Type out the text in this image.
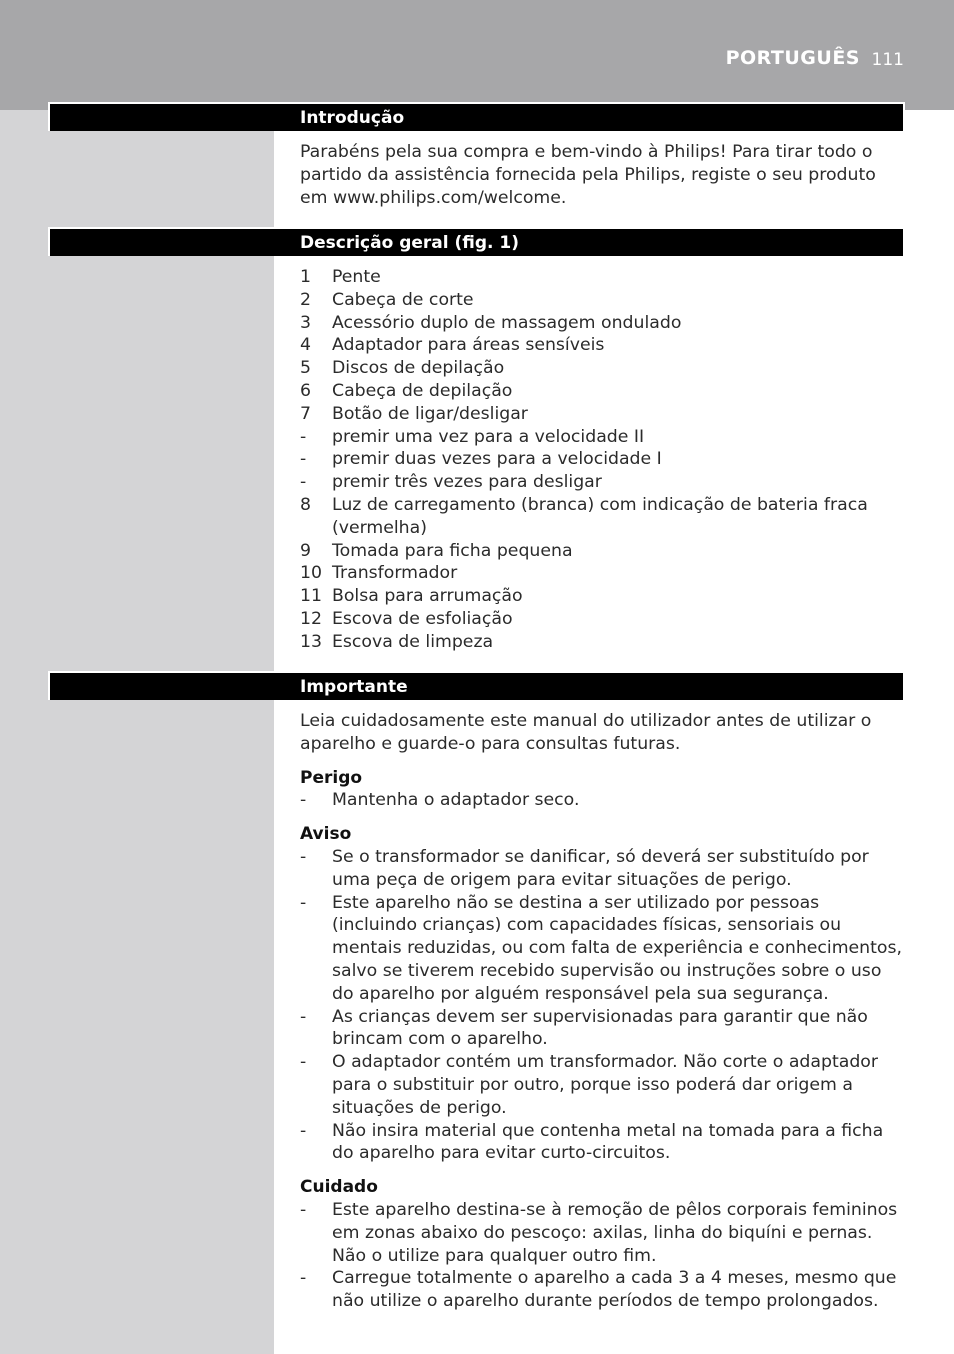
PORTUGUÊS 111
Introdução

Parabéns pela sua compra e bem-vindo à Philips! Para tirar todo o partido da assistência fornecida pela Philips, registe o seu produto em www.philips.com/welcome.

Descrição geral (fig. 1)
1	Pente
2	Cabeça de corte
3	Acessório duplo de massagem ondulado
4	Adaptador para áreas sensíveis
5	Discos de depilação
6	Cabeça de depilação
7	Botão de ligar/desligar
-	premir uma vez para a velocidade II
-	premir duas vezes para a velocidade I
-	premir três vezes para desligar
8	Luz de carregamento (branca) com indicação de bateria fraca (vermelha)
9	Tomada para ficha pequena
10 Transformador
11 Bolsa para arrumação
12 Escova de esfoliação
13 Escova de limpeza
Importante

Leia cuidadosamente este manual do utilizador antes de utilizar o aparelho e guarde-o para consultas futuras.

Perigo
-	Mantenha o adaptador seco.
Aviso
-	Se o transformador se danificar, só deverá ser substituído por uma peça de origem para evitar situações de perigo.
-	Este aparelho não se destina a ser utilizado por pessoas (incluindo crianças) com capacidades físicas, sensoriais ou mentais reduzidas, ou com falta de experiência e conhecimentos, salvo se tiverem recebido supervisão ou instruções sobre o uso do aparelho por alguém responsável pela sua segurança.
-	As crianças devem ser supervisionadas para garantir que não brincam com o aparelho.
-	O adaptador contém um transformador. Não corte o adaptador para o substituir por outro, porque isso poderá dar origem a situações de perigo.
-	Não insira material que contenha metal na tomada para a ficha do aparelho para evitar curto-circuitos.
Cuidado
-	Este aparelho destina-se à remoção de pêlos corporais femininos em zonas abaixo do pescoço: axilas, linha do biquíni e pernas. Não o utilize para qualquer outro fim.
-	Carregue totalmente o aparelho a cada 3 a 4 meses, mesmo que não utilize o aparelho durante períodos de tempo prolongados.
